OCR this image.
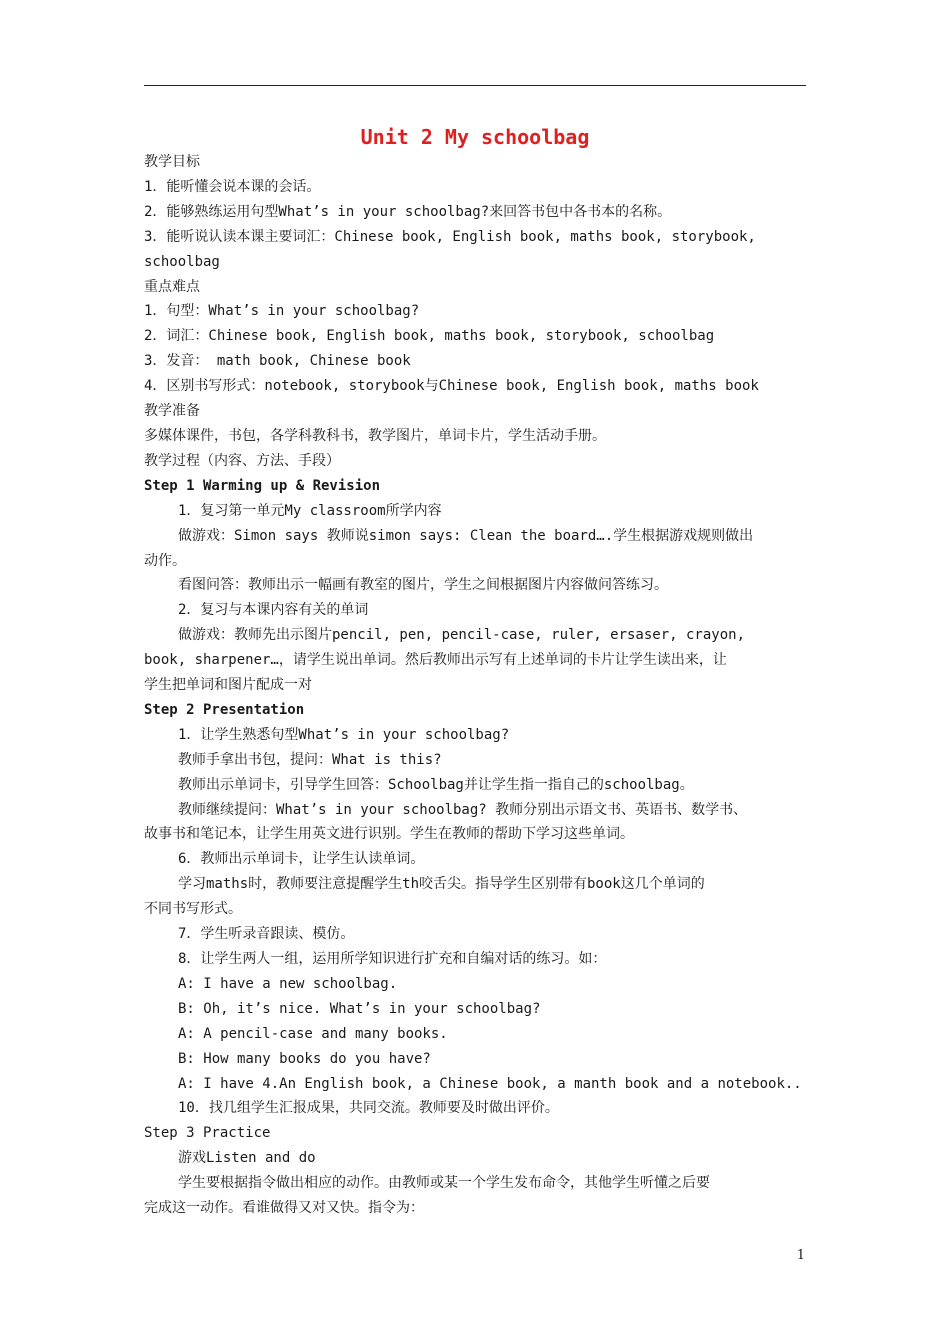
Unit 2 My schoolbag
教学目标
1．能听懂会说本课的会话。
2．能够熟练运用句型What’s in your schoolbag?来回答书包中各书本的名称。
3．能听说认读本课主要词汇：Chinese book, English book, maths book, storybook,
schoolbag
重点难点
1．句型：What’s in your schoolbag?
2．词汇：Chinese book, English book, maths book, storybook, schoolbag
3．发音： math book, Chinese book
4．区别书写形式：notebook, storybook与Chinese book, English book, maths book
教学准备
多媒体课件，书包，各学科教科书，教学图片，单词卡片，学生活动手册。
教学过程（内容、方法、手段）
Step 1 Warming up & Revision
1．复习第一单元My classroom所学内容
做游戏：Simon says 教师说simon says: Clean the board….学生根据游戏规则做出
动作。
看图问答：教师出示一幅画有教室的图片，学生之间根据图片内容做问答练习。
2．复习与本课内容有关的单词
做游戏：教师先出示图片pencil, pen, pencil-case, ruler, ersaser, crayon,
book, sharpener…，请学生说出单词。然后教师出示写有上述单词的卡片让学生读出来，让
学生把单词和图片配成一对
Step 2 Presentation
1．让学生熟悉句型What’s in your schoolbag?
教师手拿出书包，提问：What is this?
教师出示单词卡，引导学生回答：Schoolbag并让学生指一指自己的schoolbag。
教师继续提问：What’s in your schoolbag? 教师分别出示语文书、英语书、数学书、
故事书和笔记本，让学生用英文进行识别。学生在教师的帮助下学习这些单词。
6．教师出示单词卡，让学生认读单词。
学习maths时，教师要注意提醒学生th咬舌尖。指导学生区别带有book这几个单词的
不同书写形式。
7．学生听录音跟读、模仿。
8．让学生两人一组，运用所学知识进行扩充和自编对话的练习。如：
A: I have a new schoolbag.
B: Oh, it’s nice. What’s in your schoolbag?
A: A pencil-case and many books.
B: How many books do you have?
A: I have 4.An English book, a Chinese book, a manth book and a notebook..
10．找几组学生汇报成果，共同交流。教师要及时做出评价。
Step 3 Practice
游戏Listen and do
学生要根据指令做出相应的动作。由教师或某一个学生发布命令，其他学生听懂之后要
完成这一动作。看谁做得又对又快。指令为：
1
